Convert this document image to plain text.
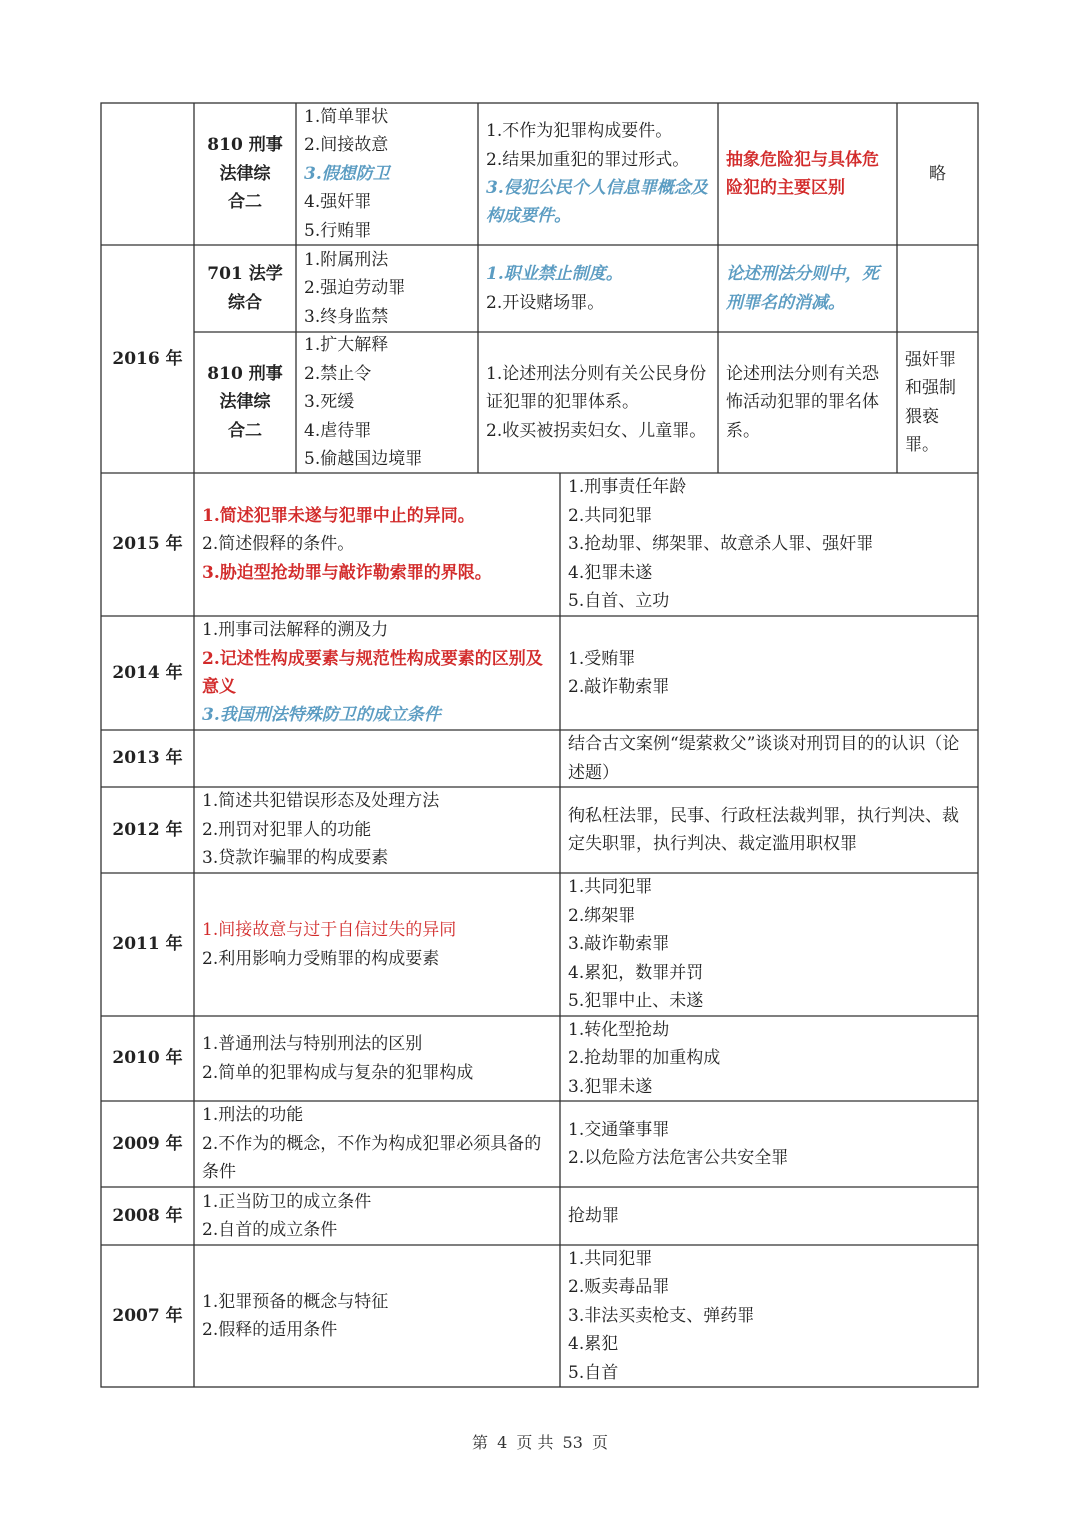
2016 年
810 刑事
法律综
合二
1.简单罪状
2.间接故意
3.假想防卫
4.强奸罪
5.行贿罪
1.不作为犯罪构成要件。
2.结果加重犯的罪过形式。
3.侵犯公民个人信息罪概念及构成要件。
抽象危险犯与具体危险犯的主要区别
略
701 法学
综合
1.附属刑法
2.强迫劳动罪
3.终身监禁
1.职业禁止制度。
2.开设赌场罪。
论述刑法分则中，死刑罪名的消减。
810 刑事
法律综
合二
1.扩大解释
2.禁止令
3.死缓
4.虐待罪
5.偷越国边境罪
1.论述刑法分则有关公民身份证犯罪的犯罪体系。
2.收买被拐卖妇女、儿童罪。
论述刑法分则有关恐怖活动犯罪的罪名体系。
强奸罪和强制猥亵罪。
2015 年
1.简述犯罪未遂与犯罪中止的异同。
2.简述假释的条件。
3.胁迫型抢劫罪与敲诈勒索罪的界限。
1.刑事责任年龄
2.共同犯罪
3.抢劫罪、绑架罪、故意杀人罪、强奸罪
4.犯罪未遂
5.自首、立功
2014 年
1.刑事司法解释的溯及力
2.记述性构成要素与规范性构成要素的区别及意义
3.我国刑法特殊防卫的成立条件
1.受贿罪
2.敲诈勒索罪
2013 年
结合古文案例“缇萦救父”谈谈对刑罚目的的认识（论述题）
2012 年
1.简述共犯错误形态及处理方法
2.刑罚对犯罪人的功能
3.贷款诈骗罪的构成要素
徇私枉法罪，民事、行政枉法裁判罪，执行判决、裁定失职罪，执行判决、裁定滥用职权罪
2011 年
1.间接故意与过于自信过失的异同
2.利用影响力受贿罪的构成要素
1.共同犯罪
2.绑架罪
3.敲诈勒索罪
4.累犯，数罪并罚
5.犯罪中止、未遂
2010 年
1.普通刑法与特别刑法的区别
2.简单的犯罪构成与复杂的犯罪构成
1.转化型抢劫
2.抢劫罪的加重构成
3.犯罪未遂
2009 年
1.刑法的功能
2.不作为的概念，不作为构成犯罪必须具备的条件
1.交通肇事罪
2.以危险方法危害公共安全罪
2008 年
1.正当防卫的成立条件
2.自首的成立条件
抢劫罪
2007 年
1.犯罪预备的概念与特征
2.假释的适用条件
1.共同犯罪
2.贩卖毒品罪
3.非法买卖枪支、弹药罪
4.累犯
5.自首
第 4 页 共 53 页
